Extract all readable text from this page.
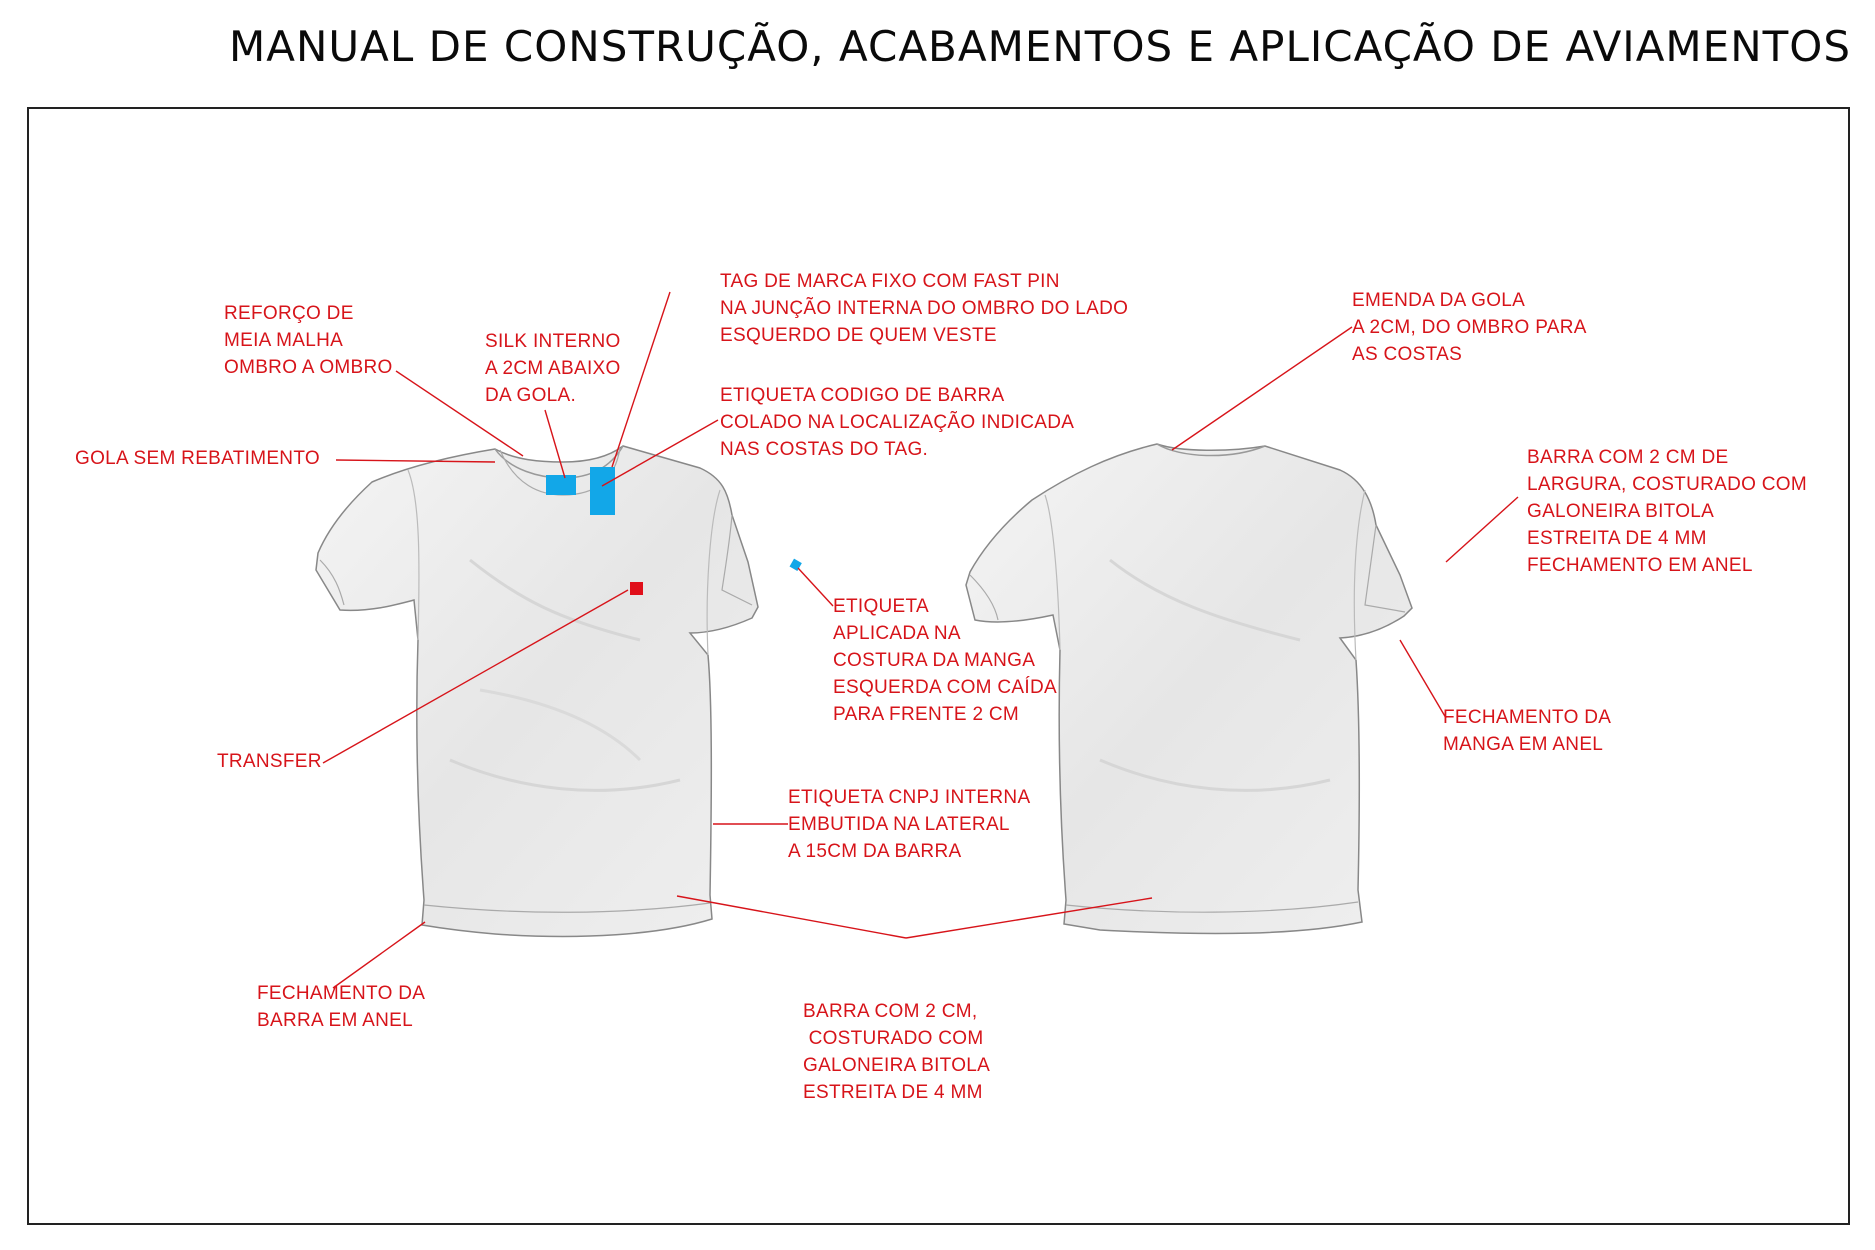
MANUAL DE CONSTRUÇÃO, ACABAMENTOS E APLICAÇÃO DE AVIAMENTOS
REFORÇO DE
MEIA MALHA
OMBRO A OMBRO
SILK INTERNO
A 2CM ABAIXO
DA GOLA.
TAG DE MARCA FIXO COM FAST PIN
NA JUNÇÃO INTERNA DO OMBRO DO LADO
ESQUERDO DE QUEM VESTE
ETIQUETA CODIGO DE BARRA
COLADO NA LOCALIZAÇÃO INDICADA
NAS COSTAS DO TAG.
GOLA SEM REBATIMENTO
ETIQUETA
APLICADA NA
COSTURA DA MANGA
ESQUERDA COM CAÍDA
PARA FRENTE 2 CM
TRANSFER
ETIQUETA CNPJ INTERNA
EMBUTIDA NA LATERAL
A 15CM DA BARRA
FECHAMENTO DA
BARRA EM ANEL

	BARRA COM 2 CM,
COSTURADO COM
GALONEIRA BITOLA
ESTREITA DE 4 MM

EMENDA DA GOLA
A 2CM, DO OMBRO PARA
AS COSTAS
BARRA COM 2 CM DE
LARGURA, COSTURADO COM
GALONEIRA BITOLA
ESTREITA DE 4 MM
FECHAMENTO EM ANEL
FECHAMENTO DA
MANGA EM ANEL
